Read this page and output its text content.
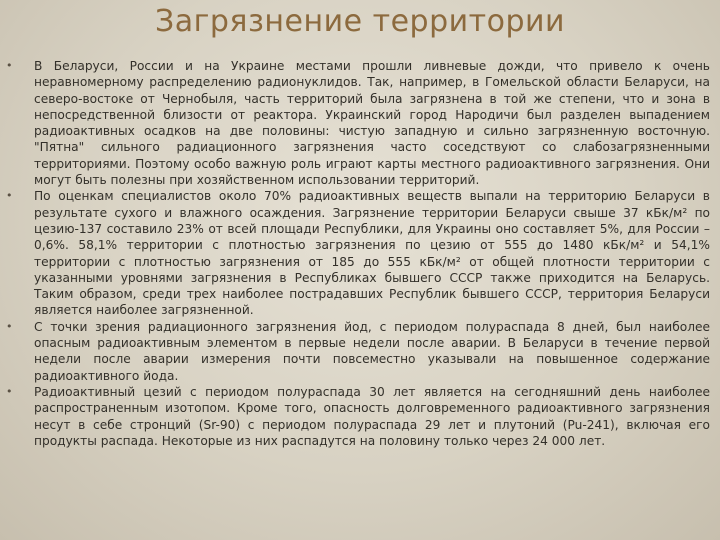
Загрязнение территории
• В Беларуси, России и на Украине местами прошли ливневые дожди, что привело к очень неравномерному распределению радионуклидов. Так, например, в Гомельской области Беларуси, на северо-востоке от Чернобыля, часть территорий была загрязнена в той же степени, что и зона в непосредственной близости от реактора. Украинский город Народичи был разделен выпадением радиоактивных осадков на две половины: чистую западную и сильно загрязненную восточную. "Пятна" сильного радиационного загрязнения часто соседствуют со слабозагрязненными территориями. Поэтому особо важную роль играют карты местного радиоактивного загрязнения. Они могут быть полезны при хозяйственном использовании территорий.
• По оценкам специалистов около 70% радиоактивных веществ выпали на территорию Беларуси в результате сухого и влажного осаждения. Загрязнение территории Беларуси свыше 37 кБк/м² по цезию-137 составило 23% от всей площади Республики, для Украины оно составляет 5%, для России – 0,6%. 58,1% территории с плотностью загрязнения по цезию от 555 до 1480 кБк/м² и 54,1% территории с плотностью загрязнения от 185 до 555 кБк/м² от общей плотности территории с указанными уровнями загрязнения в Республиках бывшего СССР также приходится на Беларусь. Таким образом, среди трех наиболее пострадавших Республик бывшего СССР, территория Беларуси является наиболее загрязненной.
• С точки зрения радиационного загрязнения йод, с периодом полураспада 8 дней, был наиболее опасным радиоактивным элементом в первые недели после аварии. В Беларуси в течение первой недели после аварии измерения почти повсеместно указывали на повышенное содержание радиоактивного йода.
• Радиоактивный цезий с периодом полураспада 30 лет является на сегодняшний день наиболее распространенным изотопом. Кроме того, опасность долговременного радиоактивного загрязнения несут в себе стронций (Sr-90) с периодом полураспада 29 лет и плутоний (Pu-241), включая его продукты распада. Некоторые из них распадутся на половину только через 24 000 лет.
